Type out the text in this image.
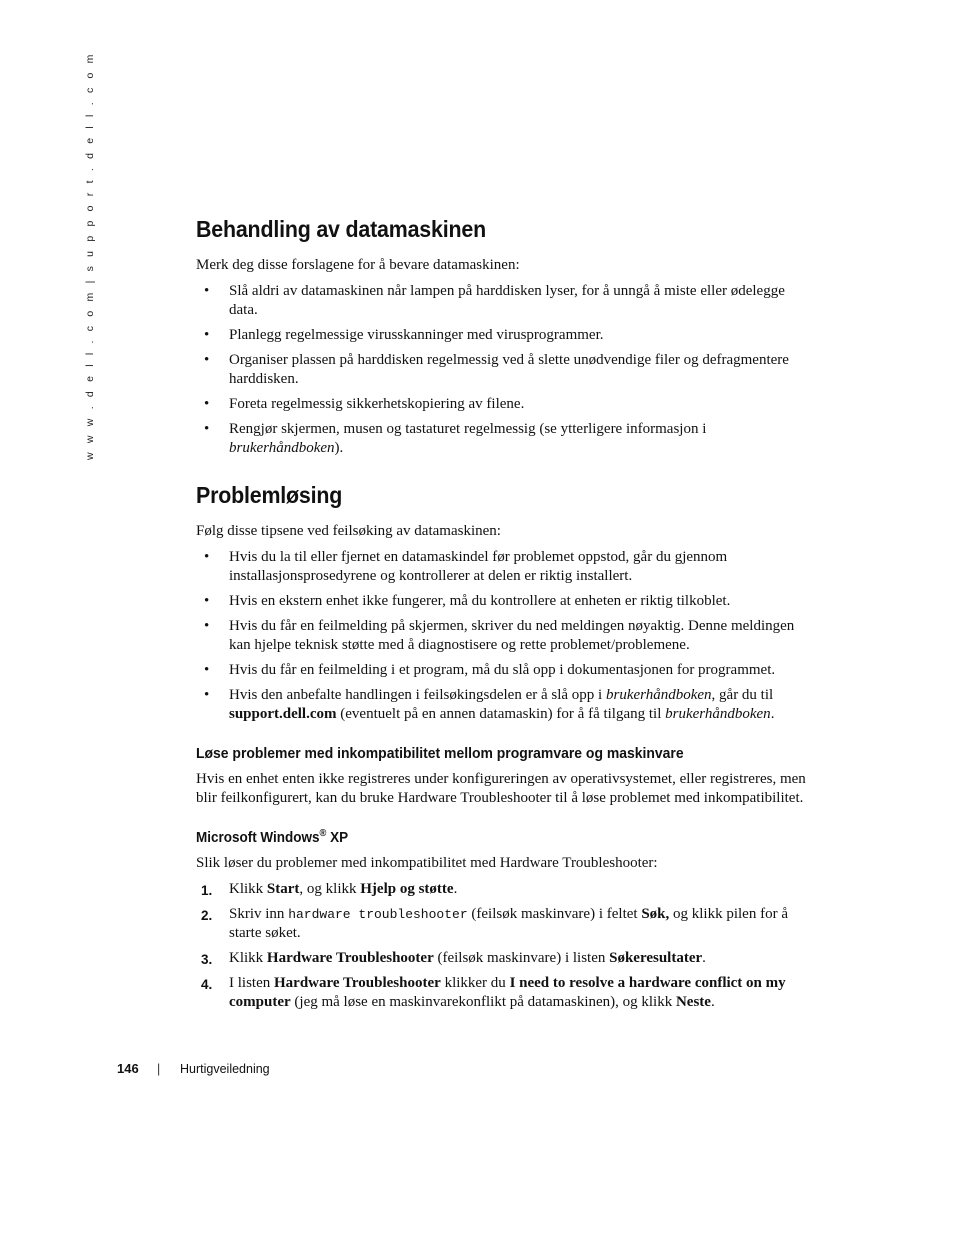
w w w . d e l l . c o m | s u p p o r t . d e l l . c o m	Behandling av datamaskinen

Merk deg disse forslagene for å bevare datamaskinen:

• Slå aldri av datamaskinen når lampen på harddisken lyser, for å unngå å miste eller ødelegge data.
• Planlegg regelmessige virusskanninger med virusprogrammer.
• Organiser plassen på harddisken regelmessig ved å slette unødvendige filer og defragmentere harddisken.
• Foreta regelmessig sikkerhetskopiering av filene.
• Rengjør skjermen, musen og tastaturet regelmessig (se ytterligere informasjon i brukerhåndboken).
Problemløsing

Følg disse tipsene ved feilsøking av datamaskinen:

• Hvis du la til eller fjernet en datamaskindel før problemet oppstod, går du gjennom installasjonsprosedyrene og kontrollerer at delen er riktig installert.
• Hvis en ekstern enhet ikke fungerer, må du kontrollere at enheten er riktig tilkoblet.
• Hvis du får en feilmelding på skjermen, skriver du ned meldingen nøyaktig. Denne meldingen kan hjelpe teknisk støtte med å diagnostisere og rette problemet/problemene.
• Hvis du får en feilmelding i et program, må du slå opp i dokumentasjonen for programmet.
• Hvis den anbefalte handlingen i feilsøkingsdelen er å slå opp i brukerhåndboken, går du til support.dell.com (eventuelt på en annen datamaskin) for å få tilgang til brukerhåndboken.
Løse problemer med inkompatibilitet mellom programvare og maskinvare

Hvis en enhet enten ikke registreres under konfigureringen av operativsystemet, eller registreres, men blir feilkonfigurert, kan du bruke Hardware Troubleshooter til å løse problemet med inkompatibilitet.

Microsoft Windows® XP

Slik løser du problemer med inkompatibilitet med Hardware Troubleshooter:

1. Klikk Start, og klikk Hjelp og støtte.
2. Skriv inn hardware troubleshooter (feilsøk maskinvare) i feltet Søk, og klikk pilen for å starte søket.
3. Klikk Hardware Troubleshooter (feilsøk maskinvare) i listen Søkeresultater.
4. I listen Hardware Troubleshooter klikker du I need to resolve a hardware conflict on my computer (jeg må løse en maskinvarekonflikt på datamaskinen), og klikk Neste.
146	|	Hurtigveiledning
